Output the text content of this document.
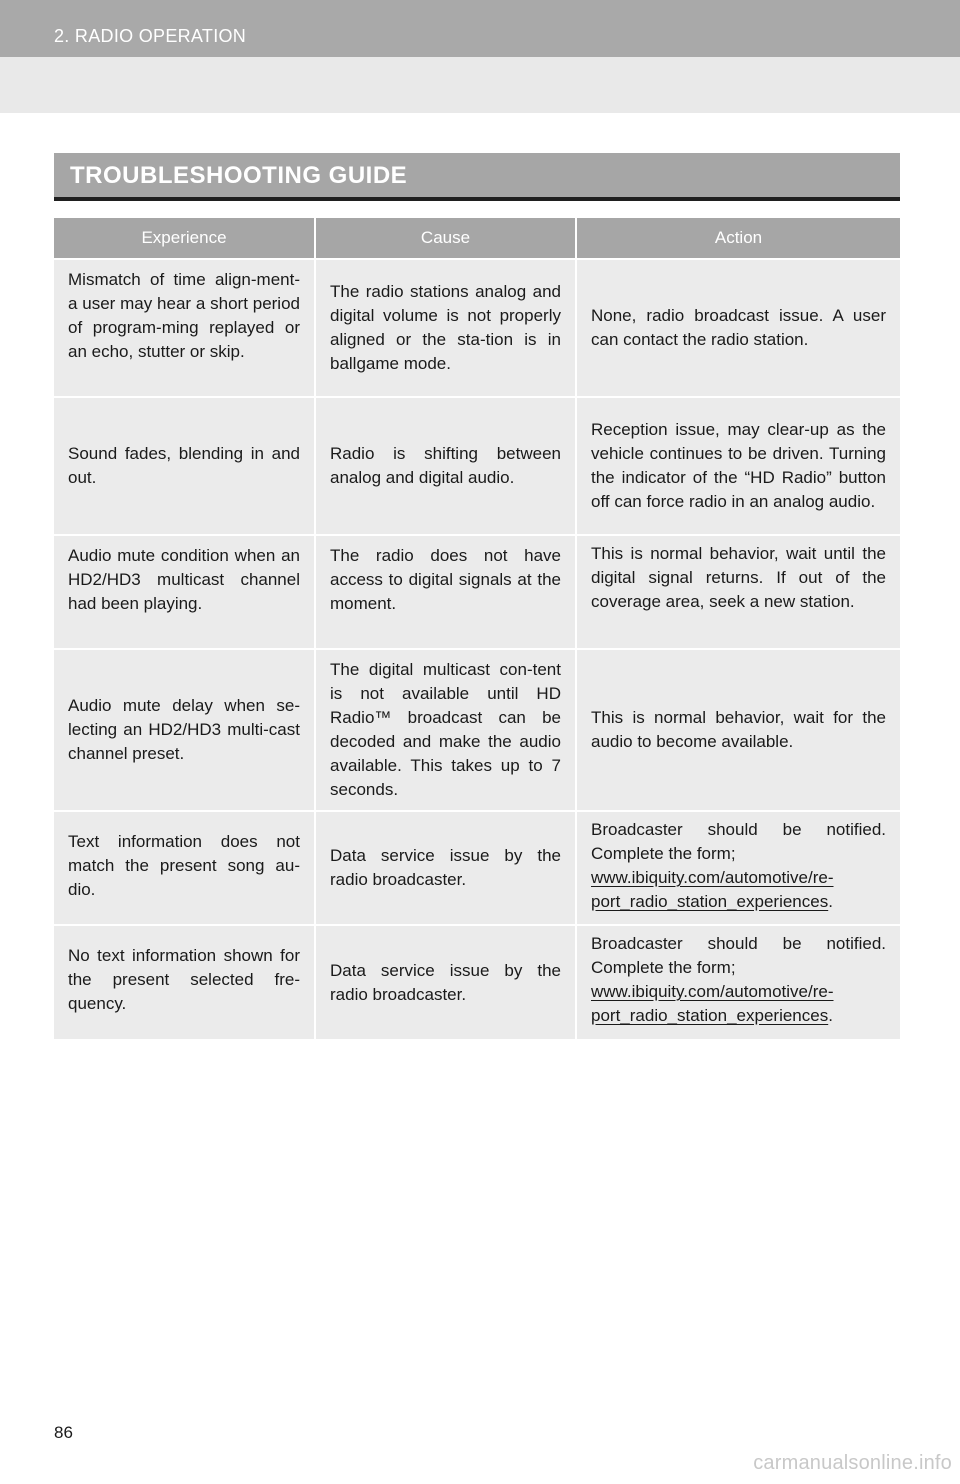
2. RADIO OPERATION
TROUBLESHOOTING GUIDE
Experience	Cause	Action
Mismatch of time align-ment- a user may hear a short period of program-ming replayed or an echo, stutter or skip.	The radio stations analog and digital volume is not properly aligned or the sta-tion is in ballgame mode.	None, radio broadcast issue. A user can contact the radio station.
Sound fades, blending in and out.	Radio is shifting between analog and digital audio.	Reception issue, may clear-up as the vehicle continues to be driven. Turning the indicator of the “HD Radio” button off can force radio in an analog audio.
Audio mute condition when an HD2/HD3 multicast channel had been playing.	The radio does not have access to digital signals at the moment.	This is normal behavior, wait until the digital signal returns. If out of the coverage area, seek a new station.
Audio mute delay when se-lecting an HD2/HD3 multi-cast channel preset.	The digital multicast con-tent is not available until HD Radio™ broadcast can be decoded and make the audio available. This takes up to 7 seconds.	This is normal behavior, wait for the audio to become available.
Text information does not match the present song au-dio.	Data service issue by the radio broadcaster.	Broadcaster should be notified. Complete the form;
www.ibiquity.com/automotive/re-port_radio_station_experiences.
No text information shown for the present selected fre-quency.	Data service issue by the radio broadcaster.	Broadcaster should be notified. Complete the form;
www.ibiquity.com/automotive/re-port_radio_station_experiences.
86
carmanualsonline.info
